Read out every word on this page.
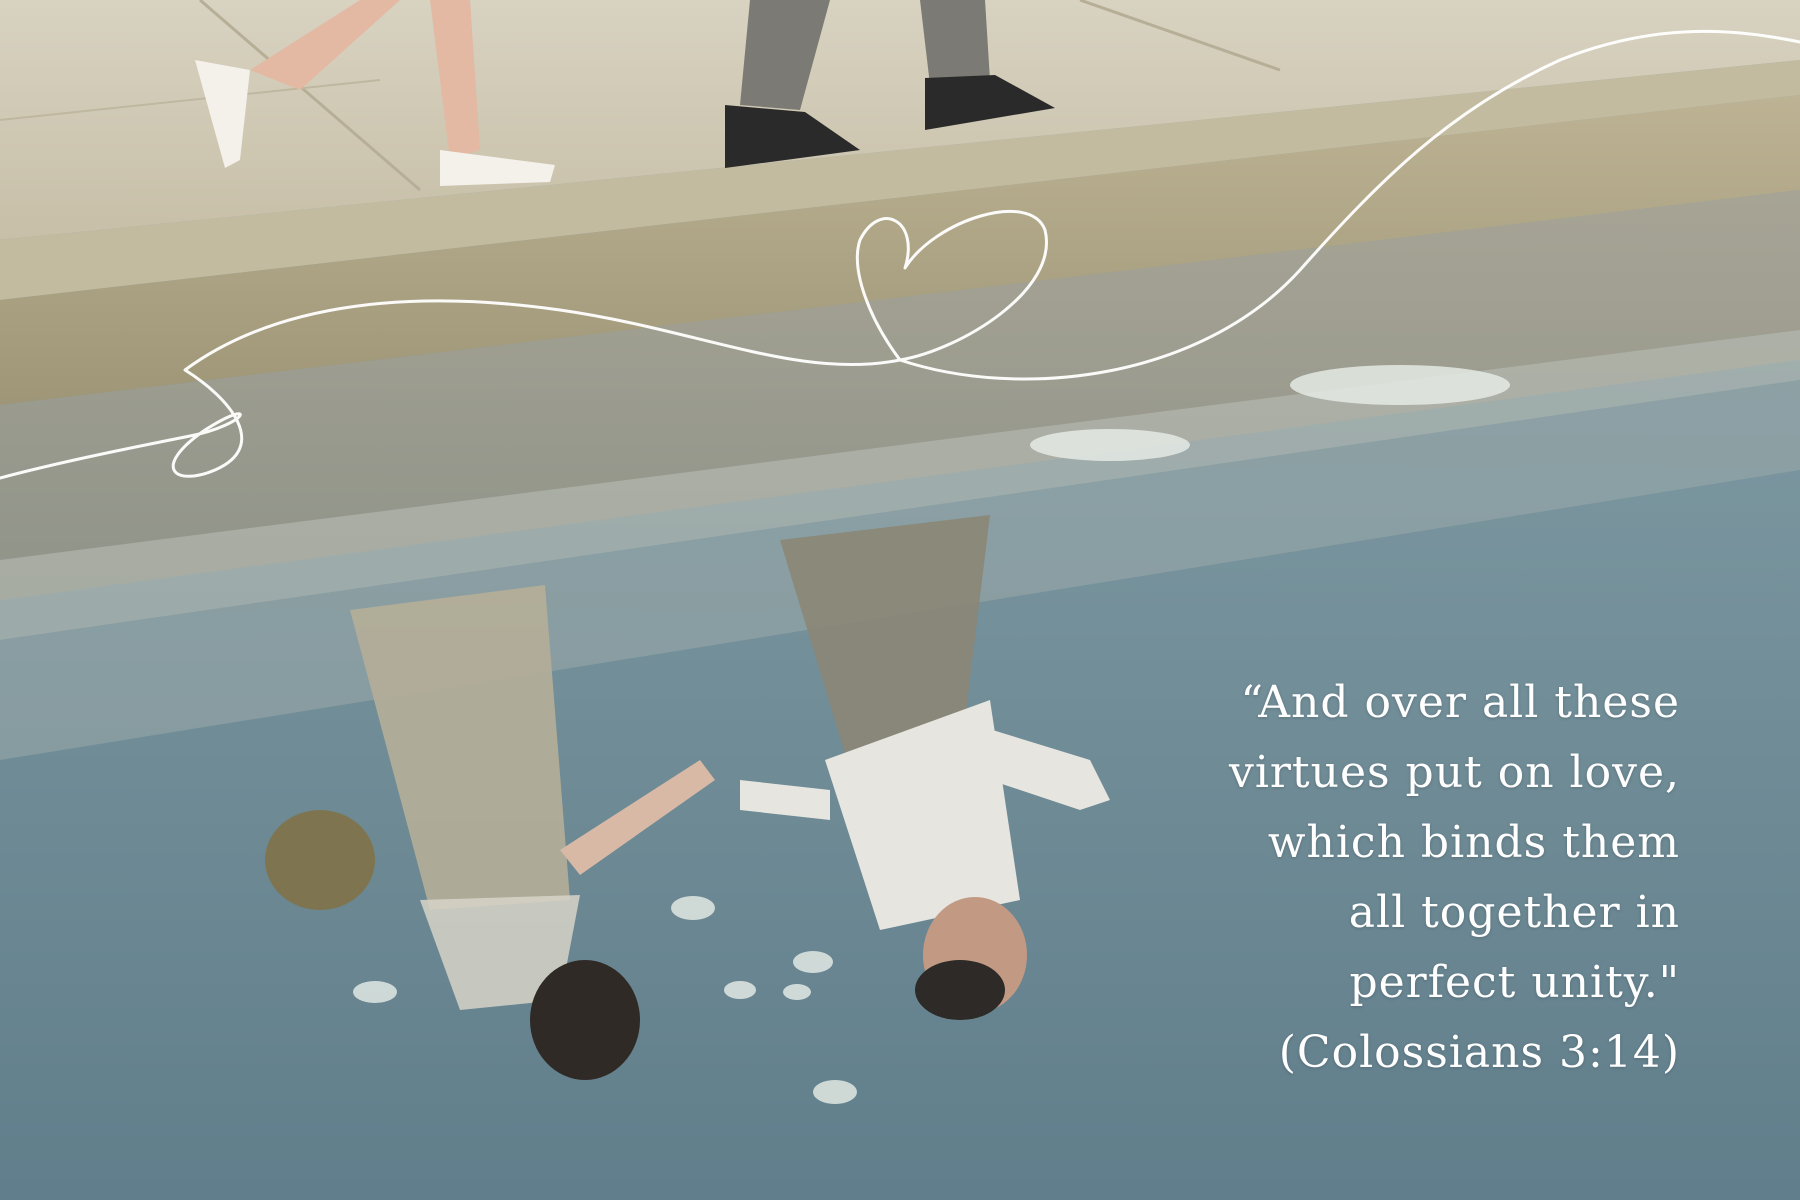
“And over all these
virtues put on love,
which binds them
all together in
perfect unity."
(Colossians 3:14)
